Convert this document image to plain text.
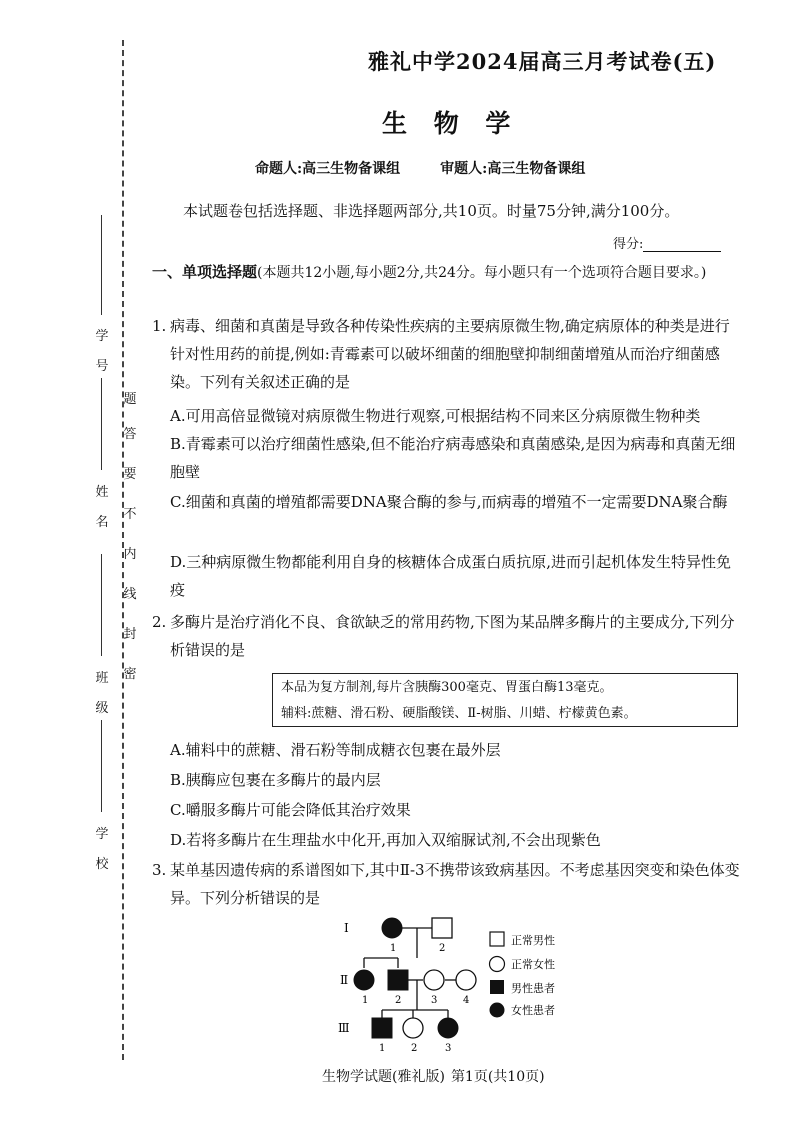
题
答
要
不
内
线
封
密
学号
姓名
班级
学校
雅礼中学2024届高三月考试卷(五)
生 物 学
命题人:高三生物备课组	审题人:高三生物备课组
本试题卷包括选择题、非选择题两部分,共10页。时量75分钟,满分100分。
得分:
一、单项选择题(本题共12小题,每小题2分,共24分。每小题只有一个选项符合题目要求。)
1. 病毒、细菌和真菌是导致各种传染性疾病的主要病原微生物,确定病原体的种类是进行针对性用药的前提,例如:青霉素可以破坏细菌的细胞壁抑制细菌增殖从而治疗细菌感染。下列有关叙述正确的是
A.可用高倍显微镜对病原微生物进行观察,可根据结构不同来区分病原微生物种类
B.青霉素可以治疗细菌性感染,但不能治疗病毒感染和真菌感染,是因为病毒和真菌无细胞壁
C.细菌和真菌的增殖都需要DNA聚合酶的参与,而病毒的增殖不一定需要DNA聚合酶
D.三种病原微生物都能利用自身的核糖体合成蛋白质抗原,进而引起机体发生特异性免疫
2. 多酶片是治疗消化不良、食欲缺乏的常用药物,下图为某品牌多酶片的主要成分,下列分析错误的是
本品为复方制剂,每片含胰酶300毫克、胃蛋白酶13毫克。
辅料:蔗糖、滑石粉、硬脂酸镁、Ⅱ-树脂、川蜡、柠檬黄色素。
A.辅料中的蔗糖、滑石粉等制成糖衣包裹在最外层
B.胰酶应包裹在多酶片的最内层
C.嚼服多酶片可能会降低其治疗效果
D.若将多酶片在生理盐水中化开,再加入双缩脲试剂,不会出现紫色
3. 某单基因遗传病的系谱图如下,其中Ⅱ-3不携带该致病基因。不考虑基因突变和染色体变异。下列分析错误的是
Ⅰ
Ⅱ
Ⅲ
1	2
1	2	3	4
1	2	3
正常男性
正常女性
男性患者
女性患者
生物学试题(雅礼版) 第1页(共10页)
